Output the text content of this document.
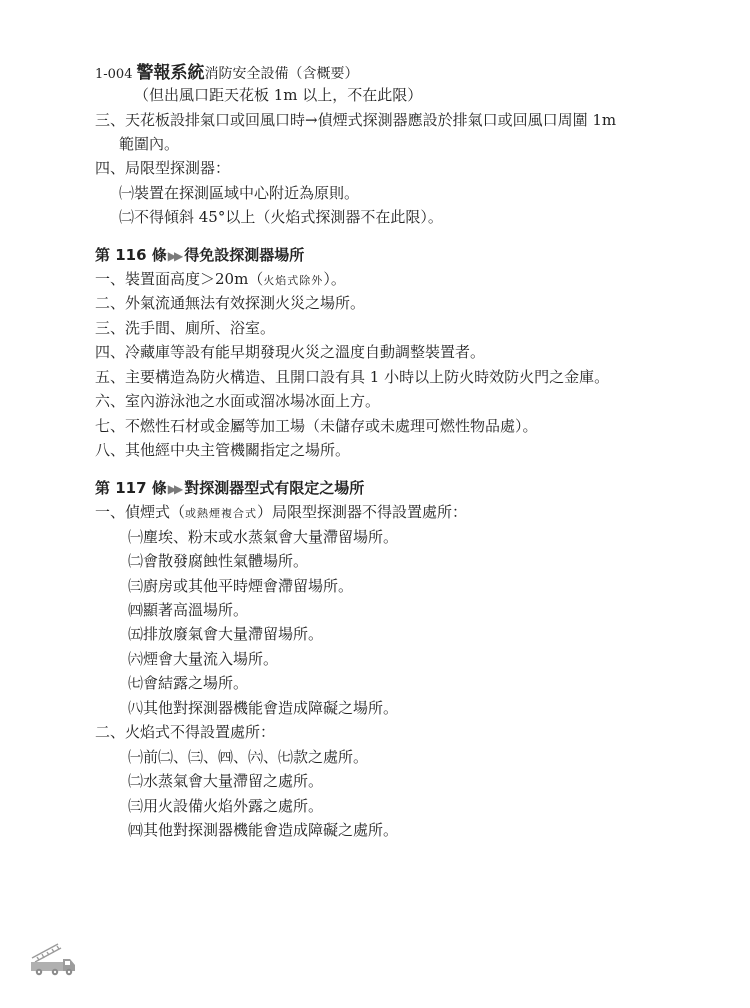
1-004 警報系統消防安全設備（含概要）
（但出風口距天花板 1m 以上，不在此限）
三、天花板設排氣口或回風口時→偵煙式探測器應設於排氣口或回風口周圍 1m
範圍內。
四、局限型探測器：
㈠裝置在探測區域中心附近為原則。
㈡不得傾斜 45°以上（火焰式探測器不在此限）。
第 116 條▶▶ 得免設探測器場所
一、裝置面高度＞20m（火焰式除外）。
二、外氣流通無法有效探測火災之場所。
三、洗手間、廁所、浴室。
四、冷藏庫等設有能早期發現火災之溫度自動調整裝置者。
五、主要構造為防火構造、且開口設有具 1 小時以上防火時效防火門之金庫。
六、室內游泳池之水面或溜冰場冰面上方。
七、不燃性石材或金屬等加工場（未儲存或未處理可燃性物品處）。
八、其他經中央主管機關指定之場所。
第 117 條▶▶ 對探測器型式有限定之場所
一、偵煙式（或熱煙複合式）局限型探測器不得設置處所：
㈠塵埃、粉末或水蒸氣會大量滯留場所。
㈡會散發腐蝕性氣體場所。
㈢廚房或其他平時煙會滯留場所。
㈣顯著高溫場所。
㈤排放廢氣會大量滯留場所。
㈥煙會大量流入場所。
㈦會結露之場所。
㈧其他對探測器機能會造成障礙之場所。
二、火焰式不得設置處所：
㈠前㈡、㈢、㈣、㈥、㈦款之處所。
㈡水蒸氣會大量滯留之處所。
㈢用火設備火焰外露之處所。
㈣其他對探測器機能會造成障礙之處所。
